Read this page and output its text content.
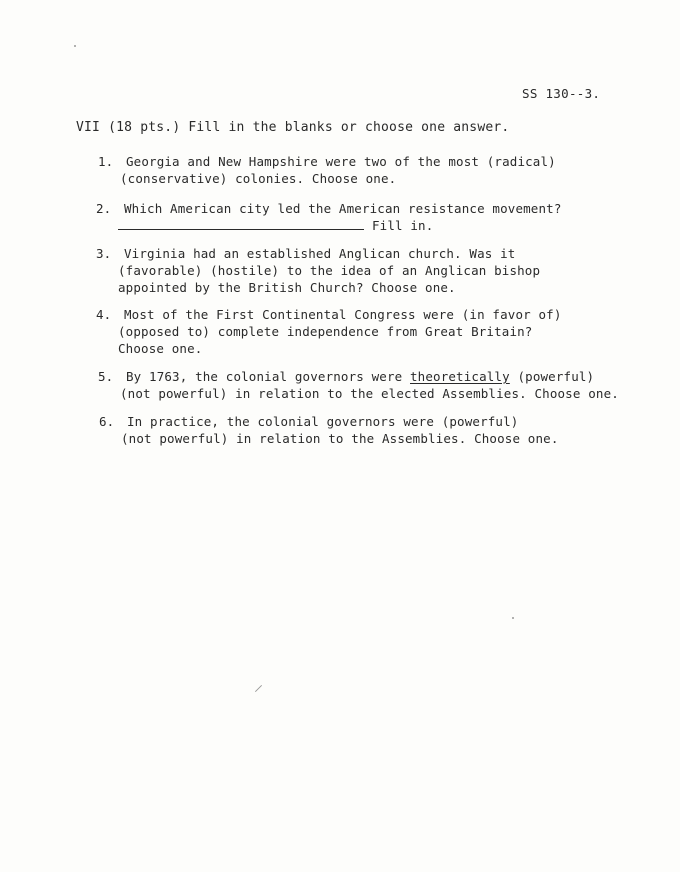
SS 130--3.
VII (18 pts.) Fill in the blanks or choose one answer.
1.	Georgia and New Hampshire were two of the most (radical)
(conservative) colonies. Choose one.
2.	Which American city led the American resistance movement?
Fill in.
3.	Virginia had an established Anglican church. Was it
(favorable) (hostile) to the idea of an Anglican bishop
appointed by the British Church? Choose one.
4.	Most of the First Continental Congress were (in favor of)
(opposed to) complete independence from Great Britain?
Choose one.
5.	By 1763, the colonial governors were theoretically (powerful)
(not powerful) in relation to the elected Assemblies. Choose one.
6.	In practice, the colonial governors were (powerful)
(not powerful) in relation to the Assemblies. Choose one.
